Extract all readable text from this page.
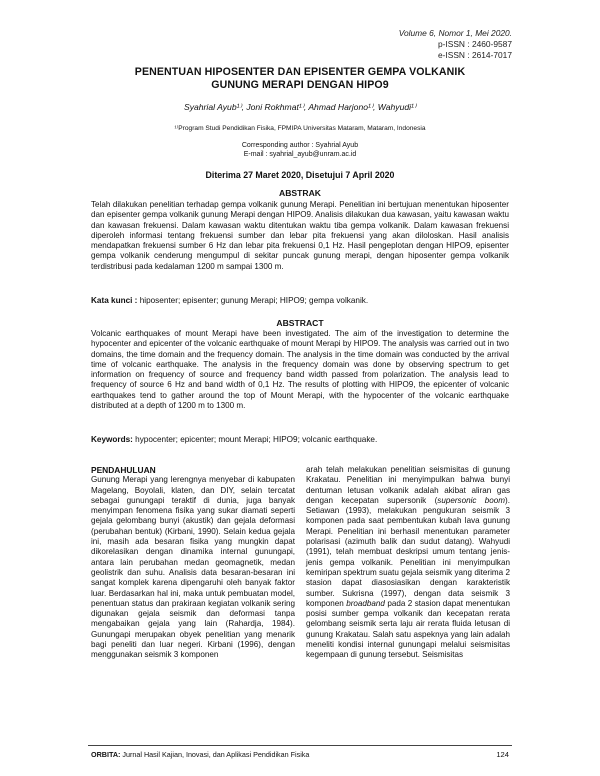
Volume 6, Nomor 1, Mei 2020.
p-ISSN : 2460-9587
e-ISSN : 2614-7017
PENENTUAN HIPOSENTER DAN EPISENTER GEMPA VOLKANIK
GUNUNG MERAPI DENGAN HIPO9
Syahrial Ayub¹⁾, Joni Rokhmat¹⁾, Ahmad Harjono¹⁾, Wahyudi¹⁾
¹⁾Program Studi Pendidikan Fisika, FPMIPA Universitas Mataram, Mataram, Indonesia
Corresponding author : Syahrial Ayub
E-mail : syahrial_ayub@unram.ac.id
Diterima 27 Maret 2020, Disetujui 7 April 2020
ABSTRAK
Telah dilakukan penelitian terhadap gempa volkanik gunung Merapi. Penelitian ini bertujuan menentukan hiposenter dan episenter gempa volkanik gunung Merapi dengan HIPO9. Analisis dilakukan dua kawasan, yaitu kawasan waktu dan kawasan frekuensi. Dalam kawasan waktu ditentukan waktu tiba gempa volkanik. Dalam kawasan frekuensi diperoleh informasi tentang frekuensi sumber dan lebar pita frekuensi yang akan diloloskan. Hasil analisis mendapatkan frekuensi sumber 6 Hz dan lebar pita frekuensi 0,1 Hz. Hasil pengeplotan dengan HIPO9, episenter gempa volkanik cenderung mengumpul di sekitar puncak gunung merapi, dengan hiposenter gempa volkanik terdistribusi pada kedalaman 1200 m sampai 1300 m.
Kata kunci : hiposenter; episenter; gunung Merapi; HIPO9; gempa volkanik.
ABSTRACT
Volcanic earthquakes of mount Merapi have been investigated. The aim of the investigation to determine the hypocenter and epicenter of the volcanic earthquake of mount Merapi by HIPO9. The analysis was carried out in two domains, the time domain and the frequency domain. The analysis in the time domain was conducted by the arrival time of volcanic earthquake. The analysis in the frequency domain was done by observing spectrum to get information on frequency of source and frequency band width passed from polarization. The analysis lead to frequency of source 6 Hz and band width of 0,1 Hz. The results of plotting with HIPO9, the epicenter of volcanic earthquakes tend to gather around the top of Mount Merapi, with the hypocenter of the volcanic earthquake distributed at a depth of 1200 m to 1300 m.
Keywords: hypocenter; epicenter; mount Merapi; HIPO9; volcanic earthquake.
PENDAHULUAN
Gunung Merapi yang lerengnya menyebar di kabupaten Magelang, Boyolali, klaten, dan DIY, selain tercatat sebagai gunungapi teraktif di dunia, juga banyak menyimpan fenomena fisika yang sukar diamati seperti gejala gelombang bunyi (akustik) dan gejala deformasi (perubahan bentuk) (Kirbani, 1990). Selain kedua gejala ini, masih ada besaran fisika yang mungkin dapat dikorelasikan dengan dinamika internal gunungapi, antara lain perubahan medan geomagnetik, medan geolistrik dan suhu. Analisis data besaran-besaran ini sangat komplek karena dipengaruhi oleh banyak faktor luar. Berdasarkan hal ini, maka untuk pembuatan model, penentuan status dan prakiraan kegiatan volkanik sering digunakan gejala seismik dan deformasi tanpa mengabaikan gejala yang lain (Rahardja, 1984). Gunungapi merupakan obyek penelitian yang menarik bagi peneliti dan luar negeri. Kirbani (1996), dengan menggunakan seismik 3 komponen
arah telah melakukan penelitian seismisitas di gunung Krakatau. Penelitian ini menyimpulkan bahwa bunyi dentuman letusan volkanik adalah akibat aliran gas dengan kecepatan supersonik (supersonic boom). Setiawan (1993), melakukan pengukuran seismik 3 komponen pada saat pembentukan kubah lava gunung Merapi. Penelitian ini berhasil menentukan parameter polarisasi (azimuth balik dan sudut datang). Wahyudi (1991), telah membuat deskripsi umum tentang jenis-jenis gempa volkanik. Penelitian ini menyimpulkan kemiripan spektrum suatu gejala seismik yang diterima 2 stasion dapat diasosiasikan dengan karakteristik sumber. Sukrisna (1997), dengan data seismik 3 komponen broadband pada 2 stasion dapat menentukan posisi sumber gempa volkanik dan kecepatan rerata gelombang seismik serta laju air rerata fluida letusan di gunung Krakatau. Salah satu aspeknya yang lain adalah meneliti kondisi internal gunungapi melalui seismisitas kegempaan di gunung tersebut. Seismisitas
ORBITA: Jurnal Hasil Kajian, Inovasi, dan Aplikasi Pendidikan Fisika	124
